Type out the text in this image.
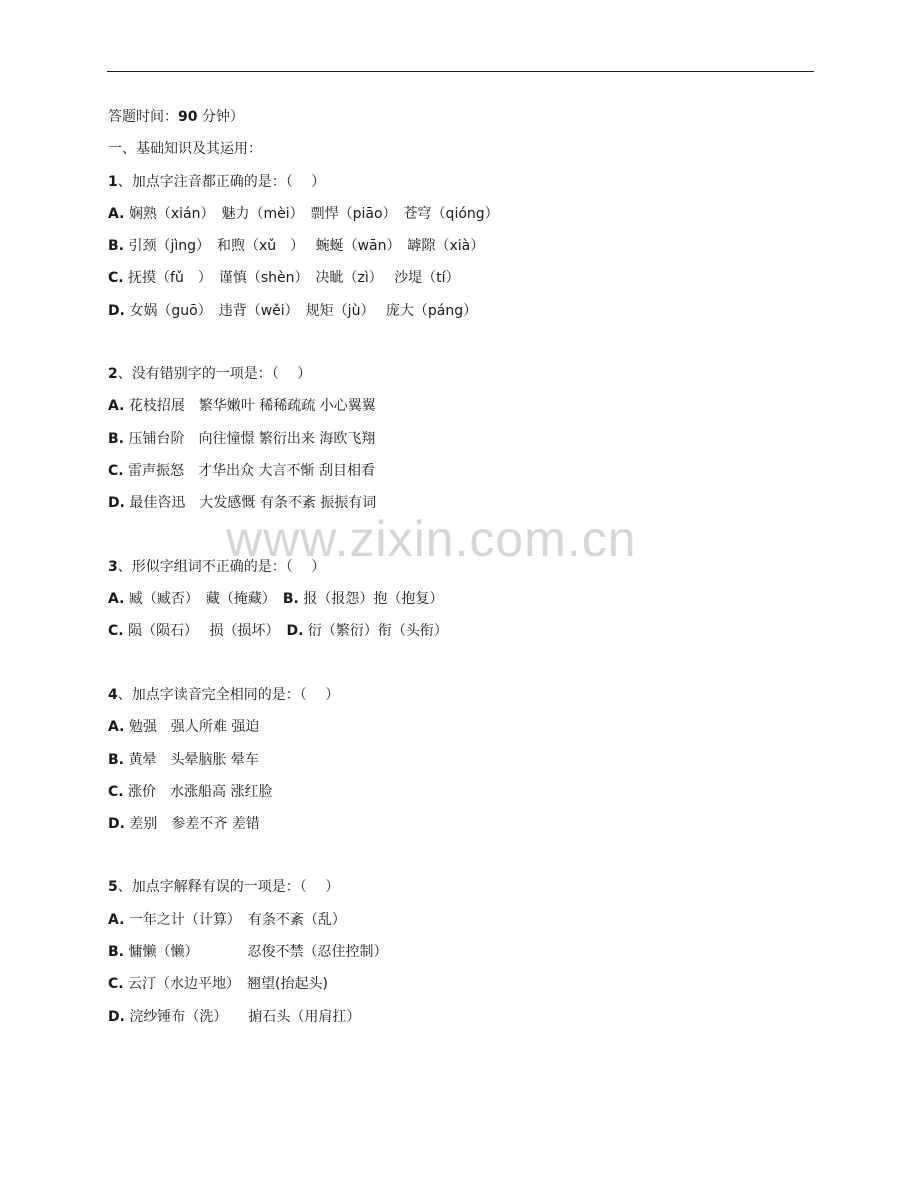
www.zixin.com.cn
答题时间：90 分钟）
一、基础知识及其运用：
1、加点字注音都正确的是：（　 ）
A. 娴熟（xián）　魅力（mèi）　剽悍（piāo）　苍穹（qióng）
B. 引颈（jìng）　和煦（xǔ　）　 蜿蜒（wān）　罅隙（xià）
C. 抚摸（fǔ　）　谨慎（shèn）　决眦（zì）　 沙堤（tí）
D. 女娲（guō）　违背（wěi）　规矩（jù）　 庞大（páng）
2、没有错别字的一项是：（　 ）
A. 花枝招展　繁华嫩叶 稀稀疏疏 小心翼翼
B. 压铺台阶　向往憧憬 繁衍出来 海欧飞翔
C. 雷声振怒　才华出众 大言不惭 刮目相看
D. 最佳咨迅　大发感慨 有条不紊 振振有词
3、形似字组词不正确的是：（　 ）
A. 臧（臧否）　藏（掩藏）　B. 报（报怨）抱（抱复）
C. 陨（陨石）　 损（损坏）　D. 衍（繁衍）衔（头衔）
4、加点字读音完全相同的是：（　 ）
A. 勉强　强人所难 强迫
B. 黄晕　头晕脑胀 晕车
C. 涨价　水涨船高 涨红脸
D. 差别　参差不齐 差错
5、加点字解释有误的一项是：（　 ）
A. 一年之计（计算）　有条不紊（乱）
B. 慵懒（懒）　　　　忍俊不禁（忍住控制）
C. 云汀（水边平地）　翘望(抬起头)
D. 浣纱锤布（洗）　　掮石头（用肩扛）
